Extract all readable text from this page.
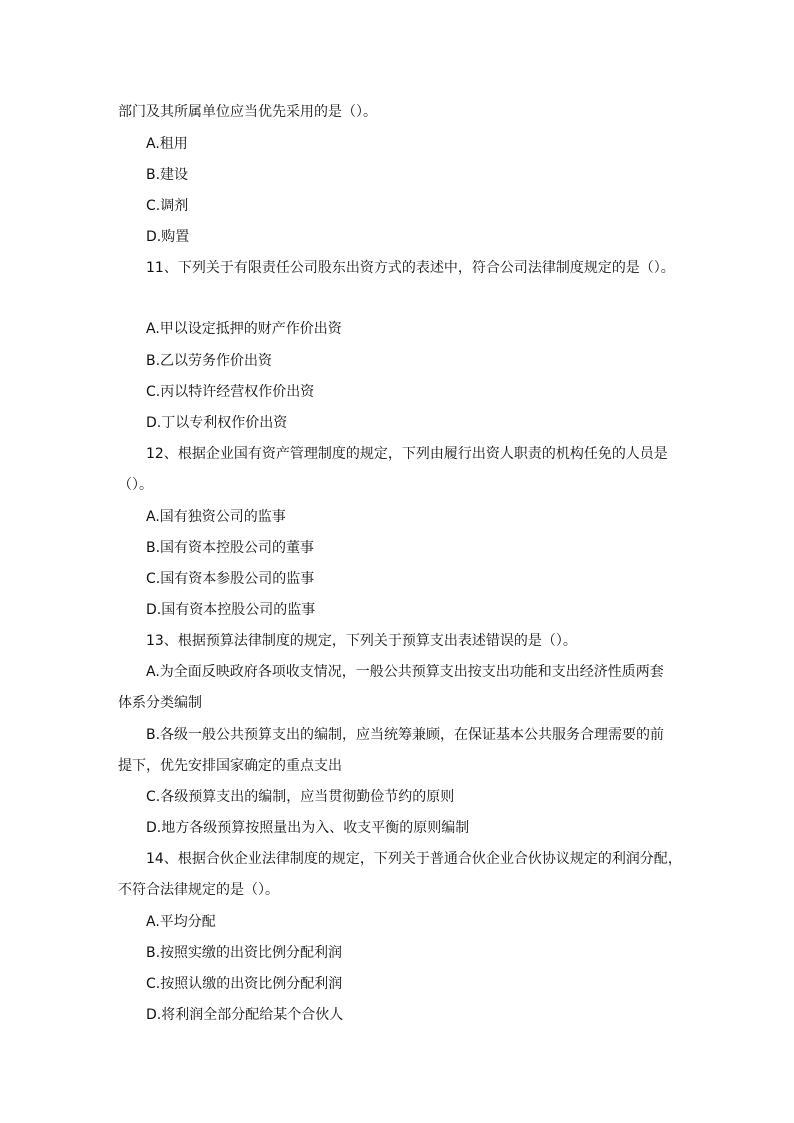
部门及其所属单位应当优先采用的是（）。
A.租用
B.建设
C.调剂
D.购置
11、下列关于有限责任公司股东出资方式的表述中，符合公司法律制度规定的是（）。
A.甲以设定抵押的财产作价出资
B.乙以劳务作价出资
C.丙以特许经营权作价出资
D.丁以专利权作价出资
12、根据企业国有资产管理制度的规定，下列由履行出资人职责的机构任免的人员是
（）。
A.国有独资公司的监事
B.国有资本控股公司的董事
C.国有资本参股公司的监事
D.国有资本控股公司的监事
13、根据预算法律制度的规定，下列关于预算支出表述错误的是（）。
A.为全面反映政府各项收支情况，一般公共预算支出按支出功能和支出经济性质两套
体系分类编制
B.各级一般公共预算支出的编制，应当统筹兼顾，在保证基本公共服务合理需要的前
提下，优先安排国家确定的重点支出
C.各级预算支出的编制，应当贯彻勤俭节约的原则
D.地方各级预算按照量出为入、收支平衡的原则编制
14、根据合伙企业法律制度的规定，下列关于普通合伙企业合伙协议规定的利润分配，
不符合法律规定的是（）。
A.平均分配
B.按照实缴的出资比例分配利润
C.按照认缴的出资比例分配利润
D.将利润全部分配给某个合伙人
